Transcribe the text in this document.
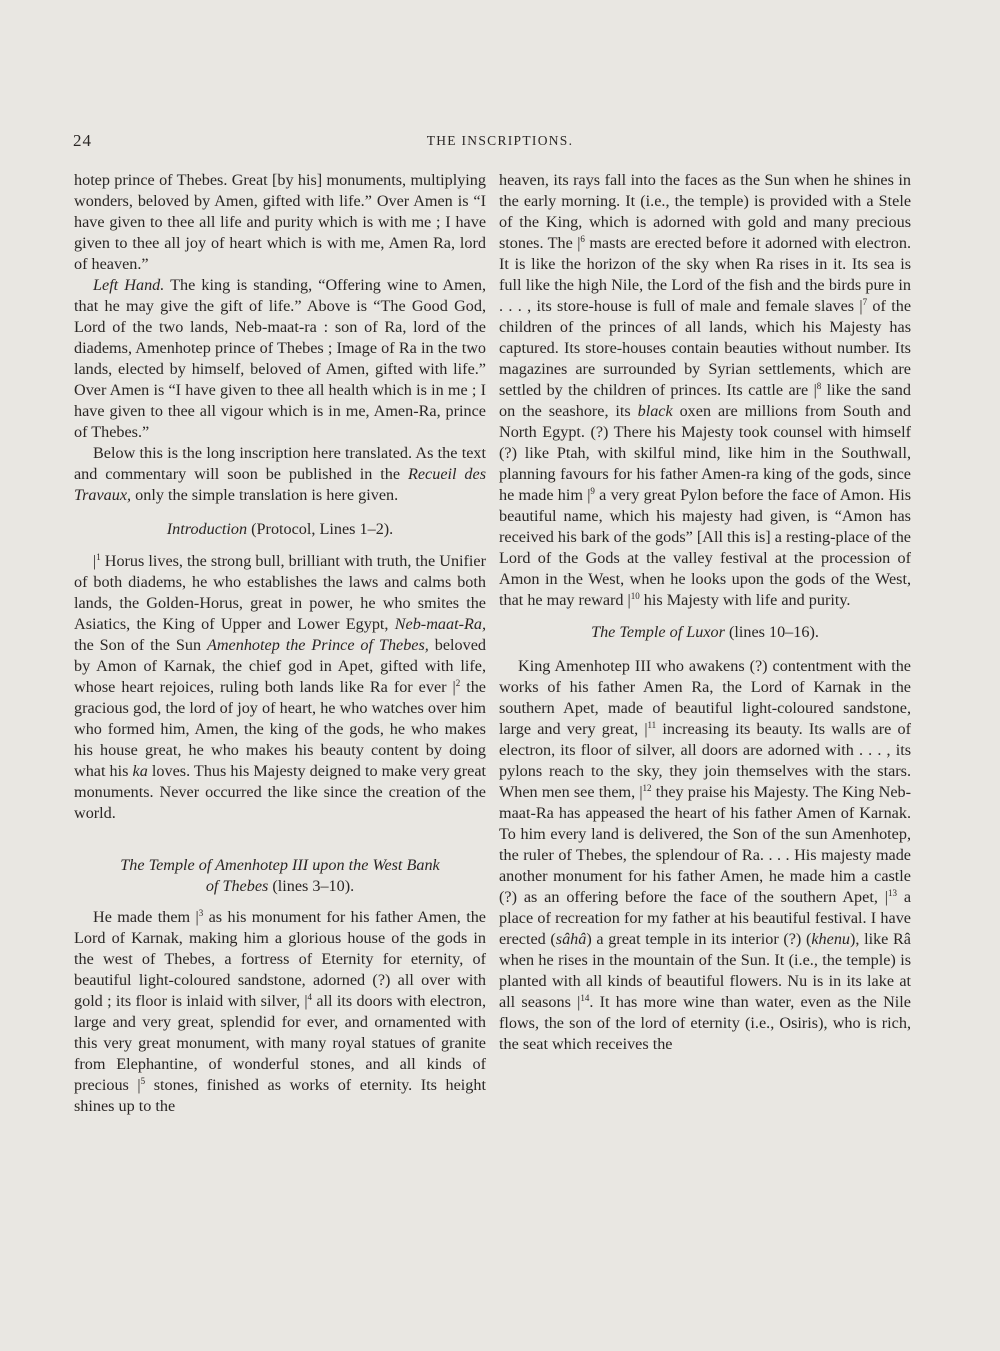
24	THE INSCRIPTIONS.

hotep prince of Thebes. Great [by his] monuments, multiplying wonders, beloved by Amen, gifted with life.” Over Amen is “I have given to thee all life and purity which is with me ; I have given to thee all joy of heart which is with me, Amen Ra, lord of heaven.”

Left Hand. The king is standing, “Offering wine to Amen, that he may give the gift of life.” Above is “The Good God, Lord of the two lands, Neb-maat-ra : son of Ra, lord of the diadems, Amenhotep prince of Thebes ; Image of Ra in the two lands, elected by himself, beloved of Amen, gifted with life.” Over Amen is “I have given to thee all health which is in me ; I have given to thee all vigour which is in me, Amen-Ra, prince of Thebes.”

Below this is the long inscription here translated. As the text and commentary will soon be published in the Recueil des Travaux, only the simple translation is here given.

Introduction (Protocol, Lines 1–2).

$|^1$ Horus lives, the strong bull, brilliant with truth, the Unifier of both diadems, he who establishes the laws and calms both lands, the Golden-Horus, great in power, he who smites the Asiatics, the King of Upper and Lower Egypt, Neb-maat-Ra, the Son of the Sun Amenhotep the Prince of Thebes, beloved by Amon of Karnak, the chief god in Apet, gifted with life, whose heart rejoices, ruling both lands like Ra for ever $|^2$ the gracious god, the lord of joy of heart, he who watches over him who formed him, Amen, the king of the gods, he who makes his house great, he who makes his beauty content by doing what his ka loves. Thus his Majesty deigned to make very great monuments. Never occurred the like since the creation of the world.

The Temple of Amenhotep III upon the West Bank
of Thebes (lines 3–10).

He made them $|^3$ as his monument for his father Amen, the Lord of Karnak, making him a glorious house of the gods in the west of Thebes, a fortress of Eternity for eternity, of beautiful light-coloured sandstone, adorned (?) all over with gold ; its floor is inlaid with silver, $|^4$ all its doors with electron, large and very great, splendid for ever, and ornamented with this very great monument, with many royal statues of granite from Elephantine, of wonderful stones, and all kinds of precious $|^5$ stones, finished as works of eternity. Its height shines up to the

heaven, its rays fall into the faces as the Sun when he shines in the early morning. It (i.e., the temple) is provided with a Stele of the King, which is adorned with gold and many precious stones. The $|^6$ masts are erected before it adorned with electron. It is like the horizon of the sky when Ra rises in it. Its sea is full like the high Nile, the Lord of the fish and the birds pure in . . . , its store-house is full of male and female slaves $|^7$ of the children of the princes of all lands, which his Majesty has captured. Its store-houses contain beauties without number. Its magazines are surrounded by Syrian settlements, which are settled by the children of princes. Its cattle are $|^8$ like the sand on the seashore, its black oxen are millions from South and North Egypt. (?) There his Majesty took counsel with himself (?) like Ptah, with skilful mind, like him in the Southwall, planning favours for his father Amen-ra king of the gods, since he made him $|^9$ a very great Pylon before the face of Amon. His beautiful name, which his majesty had given, is “Amon has received his bark of the gods” [All this is] a resting-place of the Lord of the Gods at the valley festival at the procession of Amon in the West, when he looks upon the gods of the West, that he may reward $|^{10}$ his Majesty with life and purity.

The Temple of Luxor (lines 10–16).

King Amenhotep III who awakens (?) contentment with the works of his father Amen Ra, the Lord of Karnak in the southern Apet, made of beautiful light-coloured sandstone, large and very great, $|^{11}$ increasing its beauty. Its walls are of electron, its floor of silver, all doors are adorned with . . . , its pylons reach to the sky, they join themselves with the stars. When men see them, $|^{12}$ they praise his Majesty. The King Neb-maat-Ra has appeased the heart of his father Amen of Karnak. To him every land is delivered, the Son of the sun Amenhotep, the ruler of Thebes, the splendour of Ra. . . . His majesty made another monument for his father Amen, he made him a castle (?) as an offering before the face of the southern Apet, $|^{13}$ a place of recreation for my father at his beautiful festival. I have erected (sâhâ) a great temple in its interior (?) (khenu), like Râ when he rises in the mountain of the Sun. It (i.e., the temple) is planted with all kinds of beautiful flowers. Nu is in its lake at all seasons $|^{14}$. It has more wine than water, even as the Nile flows, the son of the lord of eternity (i.e., Osiris), who is rich, the seat which receives the
